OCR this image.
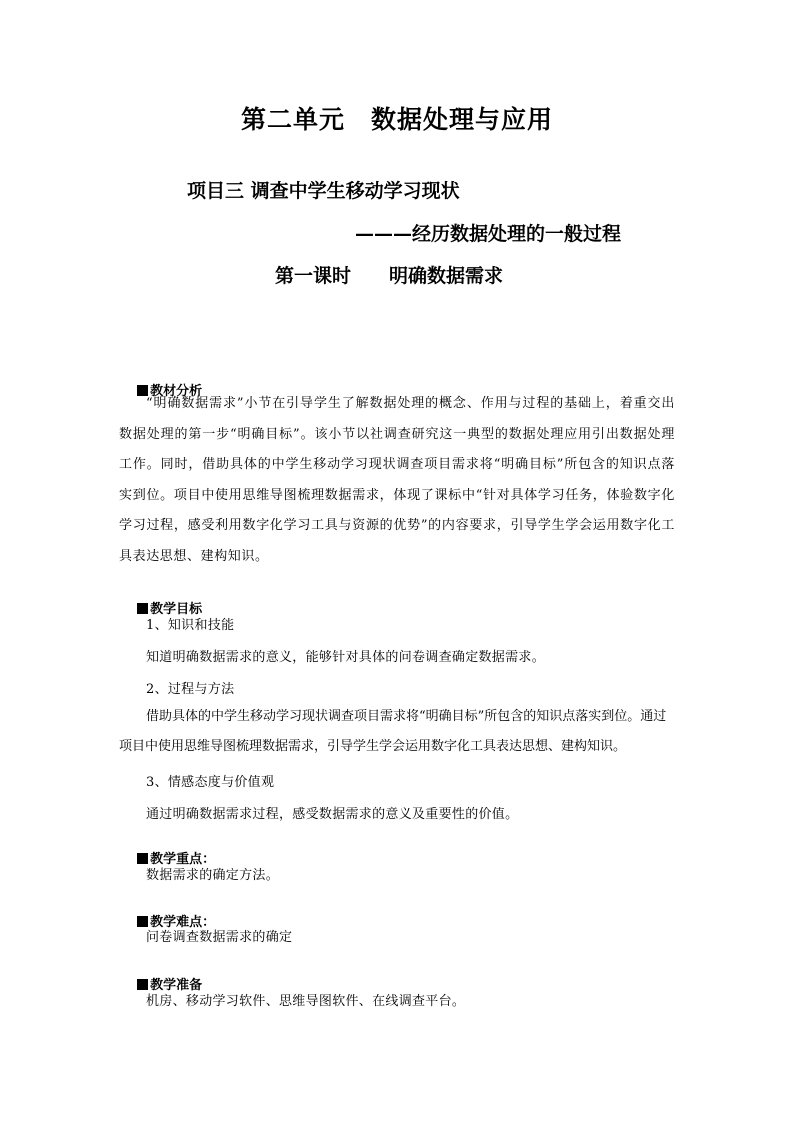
第二单元　数据处理与应用
项目三 调查中学生移动学习现状
———经历数据处理的一般过程
第一课时　　明确数据需求

教材分析

“明确数据需求”小节在引导学生了解数据处理的概念、作用与过程的基础上，着重交出数据处理的第一步“明确目标”。该小节以社调查研究这一典型的数据处理应用引出数据处理工作。同时，借助具体的中学生移动学习现状调查项目需求将“明确目标”所包含的知识点落实到位。项目中使用思维导图梳理数据需求，体现了课标中“针对具体学习任务，体验数字化学习过程，感受利用数字化学习工具与资源的优势”的内容要求，引导学生学会运用数字化工具表达思想、建构知识。

教学目标

1、知识和技能
知道明确数据需求的意义，能够针对具体的问卷调查确定数据需求。
2、过程与方法
借助具体的中学生移动学习现状调查项目需求将“明确目标”所包含的知识点落实到位。通过项目中使用思维导图梳理数据需求，引导学生学会运用数字化工具表达思想、建构知识。
3、情感态度与价值观
通过明确数据需求过程，感受数据需求的意义及重要性的价值。

教学重点：

数据需求的确定方法。

教学难点：

问卷调查数据需求的确定

教学准备

机房、移动学习软件、思维导图软件、在线调查平台。
